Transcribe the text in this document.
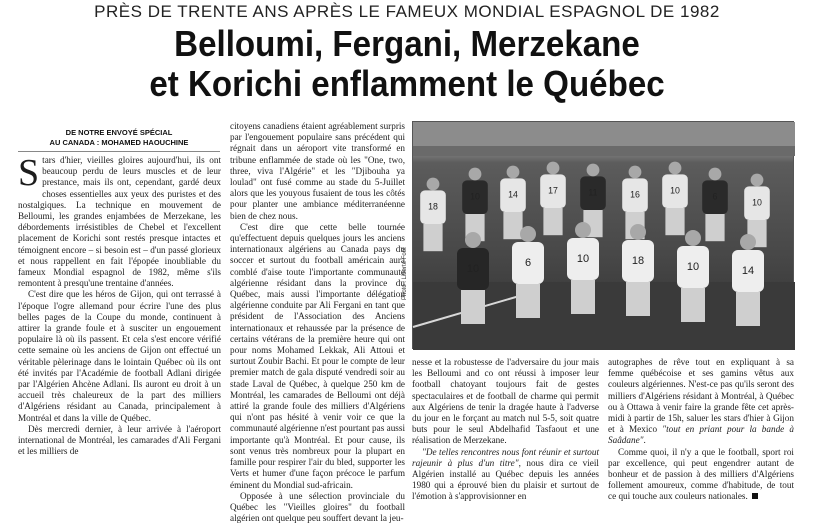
PRÈS DE TRENTE ANS APRÈS LE FAMEUX MONDIAL ESPAGNOL DE 1982
Belloumi, Fergani, Merzekane
et Korichi enflamment le Québec
DE NOTRE ENVOYÉ SPÉCIAL
AU CANADA : MOHAMED HAOUCHINE

Stars d'hier, vieilles gloires aujourd'hui, ils ont beaucoup perdu de leurs muscles et de leur prestance, mais ils ont, cependant, gardé deux choses essentielles aux yeux des puristes et des nostalgiques. La technique en mouvement de Belloumi, les grandes enjambées de Merzekane, les débordements irrésistibles de Chebel et l'excellent placement de Korichi sont restés presque intactes et témoignent encore – si besoin est – d'un passé glorieux et nous rappellent en fait l'épopée inoubliable du fameux Mondial espagnol de 1982, même s'ils remontent à presqu'une trentaine d'années.

C'est dire que les héros de Gijon, qui ont terrassé à l'époque l'ogre allemand pour écrire l'une des plus belles pages de la Coupe du monde, continuent à attirer la grande foule et à susciter un engouement populaire là où ils passent. Et cela s'est encore vérifié cette semaine où les anciens de Gijon ont effectué un véritable pèlerinage dans le lointain Québec où ils ont été invités par l'Académie de football Adlani dirigée par l'Algérien Ahcène Adlani. Ils auront eu droit à un accueil très chaleureux de la part des milliers d'Algériens résidant au Canada, principalement à Montréal et dans la ville de Québec.

Dès mercredi dernier, à leur arrivée à l'aéroport international de Montréal, les camarades d'Ali Fergani et les milliers de

citoyens canadiens étaient agréablement surpris par l'engouement populaire sans précédent qui régnait dans un aéroport vite transformé en tribune enflammée de stade où les "One, two, three, viva l'Algérie" et les "Djibouha ya loulad" ont fusé comme au stade du 5-Juillet alors que les youyous fusaient de tous les côtés pour planter une ambiance méditerranéenne bien de chez nous.

C'est dire que cette belle tournée qu'effectuent depuis quelques jours les anciens internationaux algériens au Canada pays du soccer et surtout du football américain aura comblé d'aise toute l'importante communauté algérienne résidant dans la province du Québec, mais aussi l'importante délégation algérienne conduite par Ali Fergani en tant que président de l'Association des Anciens internationaux et rehaussée par la présence de certains vétérans de la première heure qui ont pour noms Mohamed Lekkak, Ali Attoui et surtout Zoubir Bachi. Et pour le compte de leur premier match de gala disputé vendredi soir au stade Laval de Québec, à quelque 250 km de Montréal, les camarades de Belloumi ont déjà attiré la grande foule des milliers d'Algériens qui n'ont pas hésité à venir voir ce que la communauté algérienne n'est pourtant pas aussi importante qu'à Montréal. Et pour cause, ils sont venus très nombreux pour la plupart en famille pour respirer l'air du bled, supporter les Verts et humer d'une façon précoce le parfum éminent du Mondial sud-africain.

Opposée à une sélection provinciale du Québec les "Vieilles gloires" du football algérien ont quelque peu souffert devant la jeu-

18
10	14	17	11	16	10
6
10
10	6	10	18	10	14
Photo : Liberté Foot

nesse et la robustesse de l'adversaire du jour mais les Belloumi and co ont réussi à imposer leur football chatoyant toujours fait de gestes spectaculaires et de football de charme qui permit aux Algériens de tenir la dragée haute à l'adverse du jour en le forçant au match nul 5-5, soit quatre buts pour le seul Abdelhafid Tasfaout et une réalisation de Merzekane.

"De telles rencontres nous font réunir et surtout rajeunir à plus d'un titre", nous dira ce vieil Algérien installé au Québec depuis les années 1980 qui a éprouvé bien du plaisir et surtout de l'émotion à s'approvisionner en

autographes de rêve tout en expliquant à sa femme québécoise et ses gamins vêtus aux couleurs algériennes. N'est-ce pas qu'ils seront des milliers d'Algériens résidant à Montréal, à Québec ou à Ottawa à venir faire la grande fête cet après-midi à partir de 15h, saluer les stars d'hier à Gijon et à Mexico "tout en priant pour la bande à Saâdane".

Comme quoi, il n'y a que le football, sport roi par excellence, qui peut engendrer autant de bonheur et de passion à des milliers d'Algériens follement amoureux, comme d'habitude, de tout ce qui touche aux couleurs nationales.
